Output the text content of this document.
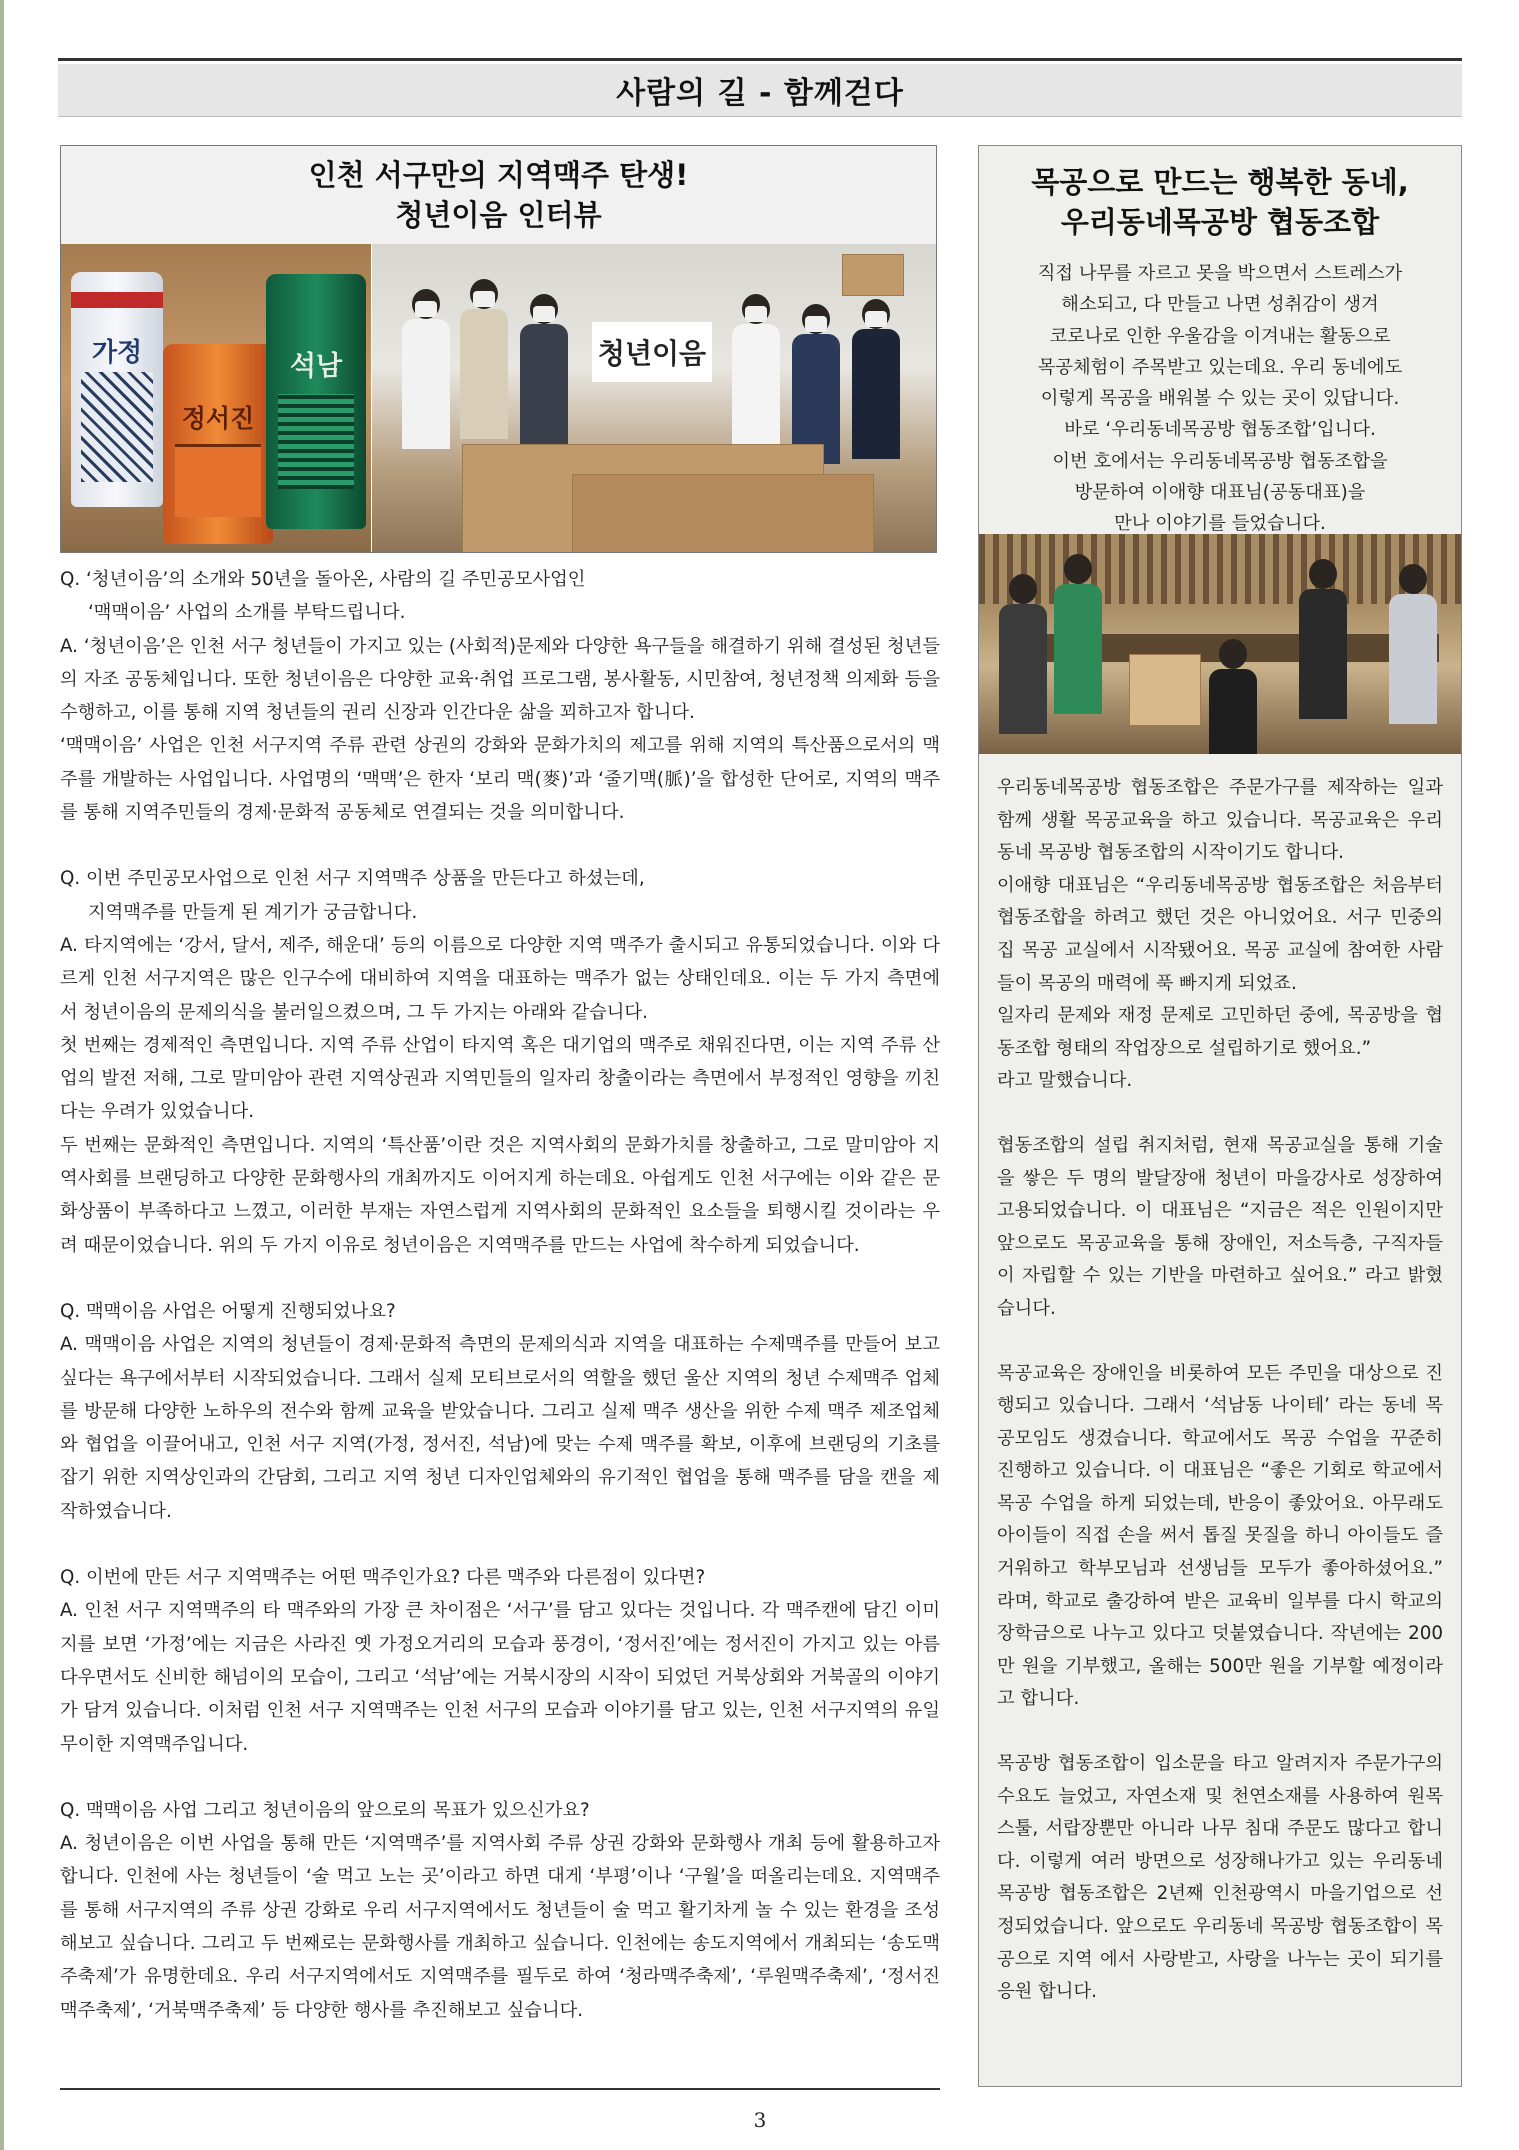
사람의 길 - 함께걷다
인천 서구만의 지역맥주 탄생!
청년이음 인터뷰
가정
정서진
석남	청년이음

Q. ‘청년이음’의 소개와 50년을 돌아온, 사람의 길 주민공모사업인

‘맥맥이음’ 사업의 소개를 부탁드립니다.

A. ‘청년이음’은 인천 서구 청년들이 가지고 있는 (사회적)문제와 다양한 욕구들을 해결하기 위해 결성된 청년들의 자조 공동체입니다. 또한 청년이음은 다양한 교육·취업 프로그램, 봉사활동, 시민참여, 청년정책 의제화 등을 수행하고, 이를 통해 지역 청년들의 권리 신장과 인간다운 삶을 꾀하고자 합니다.

‘맥맥이음’ 사업은 인천 서구지역 주류 관련 상권의 강화와 문화가치의 제고를 위해 지역의 특산품으로서의 맥주를 개발하는 사업입니다. 사업명의 ‘맥맥’은 한자 ‘보리 맥(麥)’과 ‘줄기맥(脈)’을 합성한 단어로, 지역의 맥주를 통해 지역주민들의 경제·문화적 공동체로 연결되는 것을 의미합니다.

Q. 이번 주민공모사업으로 인천 서구 지역맥주 상품을 만든다고 하셨는데,

지역맥주를 만들게 된 계기가 궁금합니다.

A. 타지역에는 ‘강서, 달서, 제주, 해운대’ 등의 이름으로 다양한 지역 맥주가 출시되고 유통되었습니다. 이와 다르게 인천 서구지역은 많은 인구수에 대비하여 지역을 대표하는 맥주가 없는 상태인데요. 이는 두 가지 측면에서 청년이음의 문제의식을 불러일으켰으며, 그 두 가지는 아래와 같습니다.

첫 번째는 경제적인 측면입니다. 지역 주류 산업이 타지역 혹은 대기업의 맥주로 채워진다면, 이는 지역 주류 산업의 발전 저해, 그로 말미암아 관련 지역상권과 지역민들의 일자리 창출이라는 측면에서 부정적인 영향을 끼친다는 우려가 있었습니다.

두 번째는 문화적인 측면입니다. 지역의 ‘특산품’이란 것은 지역사회의 문화가치를 창출하고, 그로 말미암아 지역사회를 브랜딩하고 다양한 문화행사의 개최까지도 이어지게 하는데요. 아쉽게도 인천 서구에는 이와 같은 문화상품이 부족하다고 느꼈고, 이러한 부재는 자연스럽게 지역사회의 문화적인 요소들을 퇴행시킬 것이라는 우려 때문이었습니다. 위의 두 가지 이유로 청년이음은 지역맥주를 만드는 사업에 착수하게 되었습니다.

Q. 맥맥이음 사업은 어떻게 진행되었나요?

A. 맥맥이음 사업은 지역의 청년들이 경제·문화적 측면의 문제의식과 지역을 대표하는 수제맥주를 만들어 보고 싶다는 욕구에서부터 시작되었습니다. 그래서 실제 모티브로서의 역할을 했던 울산 지역의 청년 수제맥주 업체를 방문해 다양한 노하우의 전수와 함께 교육을 받았습니다. 그리고 실제 맥주 생산을 위한 수제 맥주 제조업체와 협업을 이끌어내고, 인천 서구 지역(가정, 정서진, 석남)에 맞는 수제 맥주를 확보, 이후에 브랜딩의 기초를 잡기 위한 지역상인과의 간담회, 그리고 지역 청년 디자인업체와의 유기적인 협업을 통해 맥주를 담을 캔을 제작하였습니다.

Q. 이번에 만든 서구 지역맥주는 어떤 맥주인가요? 다른 맥주와 다른점이 있다면?

A. 인천 서구 지역맥주의 타 맥주와의 가장 큰 차이점은 ‘서구’를 담고 있다는 것입니다. 각 맥주캔에 담긴 이미지를 보면 ‘가정’에는 지금은 사라진 옛 가정오거리의 모습과 풍경이, ‘정서진’에는 정서진이 가지고 있는 아름다우면서도 신비한 해넘이의 모습이, 그리고 ‘석남’에는 거북시장의 시작이 되었던 거북상회와 거북골의 이야기가 담겨 있습니다. 이처럼 인천 서구 지역맥주는 인천 서구의 모습과 이야기를 담고 있는, 인천 서구지역의 유일무이한 지역맥주입니다.

Q. 맥맥이음 사업 그리고 청년이음의 앞으로의 목표가 있으신가요?

A. 청년이음은 이번 사업을 통해 만든 ‘지역맥주’를 지역사회 주류 상권 강화와 문화행사 개최 등에 활용하고자 합니다. 인천에 사는 청년들이 ‘술 먹고 노는 곳’이라고 하면 대게 ‘부평’이나 ‘구월’을 떠올리는데요. 지역맥주를 통해 서구지역의 주류 상권 강화로 우리 서구지역에서도 청년들이 술 먹고 활기차게 놀 수 있는 환경을 조성해보고 싶습니다. 그리고 두 번째로는 문화행사를 개최하고 싶습니다. 인천에는 송도지역에서 개최되는 ‘송도맥주축제’가 유명한데요. 우리 서구지역에서도 지역맥주를 필두로 하여 ‘청라맥주축제’, ‘루원맥주축제’, ‘정서진맥주축제’, ‘거북맥주축제’ 등 다양한 행사를 추진해보고 싶습니다.

목공으로 만드는 행복한 동네,
우리동네목공방 협동조합
직접 나무를 자르고 못을 박으면서 스트레스가
해소되고, 다 만들고 나면 성취감이 생겨
코로나로 인한 우울감을 이겨내는 활동으로
목공체험이 주목받고 있는데요. 우리 동네에도
이렇게 목공을 배워볼 수 있는 곳이 있답니다.
바로 ‘우리동네목공방 협동조합’입니다.
이번 호에서는 우리동네목공방 협동조합을
방문하여 이애향 대표님(공동대표)을
만나 이야기를 들었습니다.

우리동네목공방 협동조합은 주문가구를 제작하는 일과 함께 생활 목공교육을 하고 있습니다. 목공교육은 우리동네 목공방 협동조합의 시작이기도 합니다.

이애향 대표님은 “우리동네목공방 협동조합은 처음부터 협동조합을 하려고 했던 것은 아니었어요. 서구 민중의 집 목공 교실에서 시작됐어요. 목공 교실에 참여한 사람들이 목공의 매력에 푹 빠지게 되었죠.

일자리 문제와 재정 문제로 고민하던 중에, 목공방을 협동조합 형태의 작업장으로 설립하기로 했어요.”

라고 말했습니다.

협동조합의 설립 취지처럼, 현재 목공교실을 통해 기술을 쌓은 두 명의 발달장애 청년이 마을강사로 성장하여 고용되었습니다. 이 대표님은 “지금은 적은 인원이지만 앞으로도 목공교육을 통해 장애인, 저소득층, 구직자들이 자립할 수 있는 기반을 마련하고 싶어요.” 라고 밝혔습니다.

목공교육은 장애인을 비롯하여 모든 주민을 대상으로 진행되고 있습니다. 그래서 ‘석남동 나이테’ 라는 동네 목공모임도 생겼습니다. 학교에서도 목공 수업을 꾸준히 진행하고 있습니다. 이 대표님은 “좋은 기회로 학교에서 목공 수업을 하게 되었는데, 반응이 좋았어요. 아무래도 아이들이 직접 손을 써서 톱질 못질을 하니 아이들도 즐거워하고 학부모님과 선생님들 모두가 좋아하셨어요.” 라며, 학교로 출강하여 받은 교육비 일부를 다시 학교의 장학금으로 나누고 있다고 덧붙였습니다. 작년에는 200만 원을 기부했고, 올해는 500만 원을 기부할 예정이라고 합니다.

목공방 협동조합이 입소문을 타고 알려지자 주문가구의 수요도 늘었고, 자연소재 및 천연소재를 사용하여 원목스툴, 서랍장뿐만 아니라 나무 침대 주문도 많다고 합니다. 이렇게 여러 방면으로 성장해나가고 있는 우리동네목공방 협동조합은 2년째 인천광역시 마을기업으로 선정되었습니다. 앞으로도 우리동네 목공방 협동조합이 목공으로 지역 에서 사랑받고, 사랑을 나누는 곳이 되기를 응원 합니다.

3
